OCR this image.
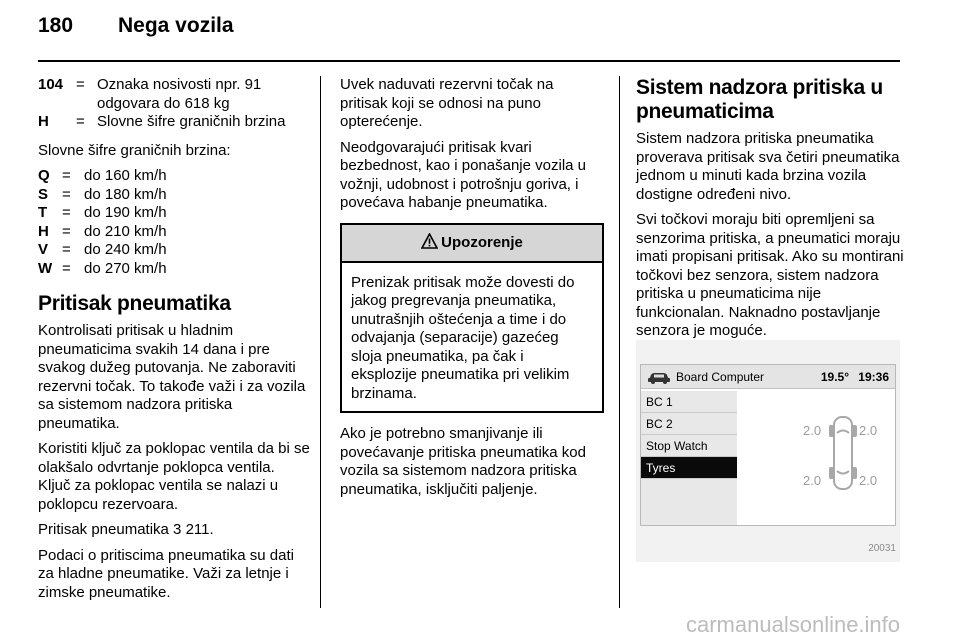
180	Nega vozila
104 = Oznaka nosivosti npr. 91 odgovara do 618 kg
H	= Slovne šifre graničnih brzina

Slovne šifre graničnih brzina:

Q = do 160 km/h
S = do 180 km/h
T = do 190 km/h
H = do 210 km/h
V = do 240 km/h
W = do 270 km/h
Pritisak pneumatika

Kontrolisati pritisak u hladnim pneumaticima svakih 14 dana i pre svakog dužeg putovanja. Ne zaboraviti rezervni točak. To takođe važi i za vozila sa sistemom nadzora pritiska pneumatika.

Koristiti ključ za poklopac ventila da bi se olakšalo odvrtanje poklopca ventila. Ključ za poklopac ventila se nalazi u poklopcu rezervoara.

Pritisak pneumatika 3 211.

Podaci o pritiscima pneumatika su dati za hladne pneumatike. Važi za letnje i zimske pneumatike.

Uvek naduvati rezervni točak na pritisak koji se odnosi na puno opterećenje.

Neodgovarajući pritisak kvari bezbednost, kao i ponašanje vozila u vožnji, udobnost i potrošnju goriva, i povećava habanje pneumatika.

Upozorenje
Prenizak pritisak može dovesti do jakog pregrevanja pneumatika, unutrašnjih oštećenja a time i do odvajanja (separacije) gazećeg sloja pneumatika, pa čak i eksplozije pneumatika pri velikim brzinama.

Ako je potrebno smanjivanje ili povećavanje pritiska pneumatika kod vozila sa sistemom nadzora pritiska pneumatika, isključiti paljenje.

Sistem nadzora pritiska u pneumaticima

Sistem nadzora pritiska pneumatika proverava pritisak sva četiri pneumatika jednom u minuti kada brzina vozila dostigne određeni nivo.

Svi točkovi moraju biti opremljeni sa senzorima pritiska, a pneumatici moraju imati propisani pritisak. Ako su montirani točkovi bez senzora, sistem nadzora pritiska u pneumaticima nije funkcionalan. Naknadno postavljanje senzora je moguće.

Board Computer	19.5° 19:36
BC 1
BC 2
Stop Watch
Tyres
2.0	2.0
2.0	2.0
20031
carmanualsonline.info
